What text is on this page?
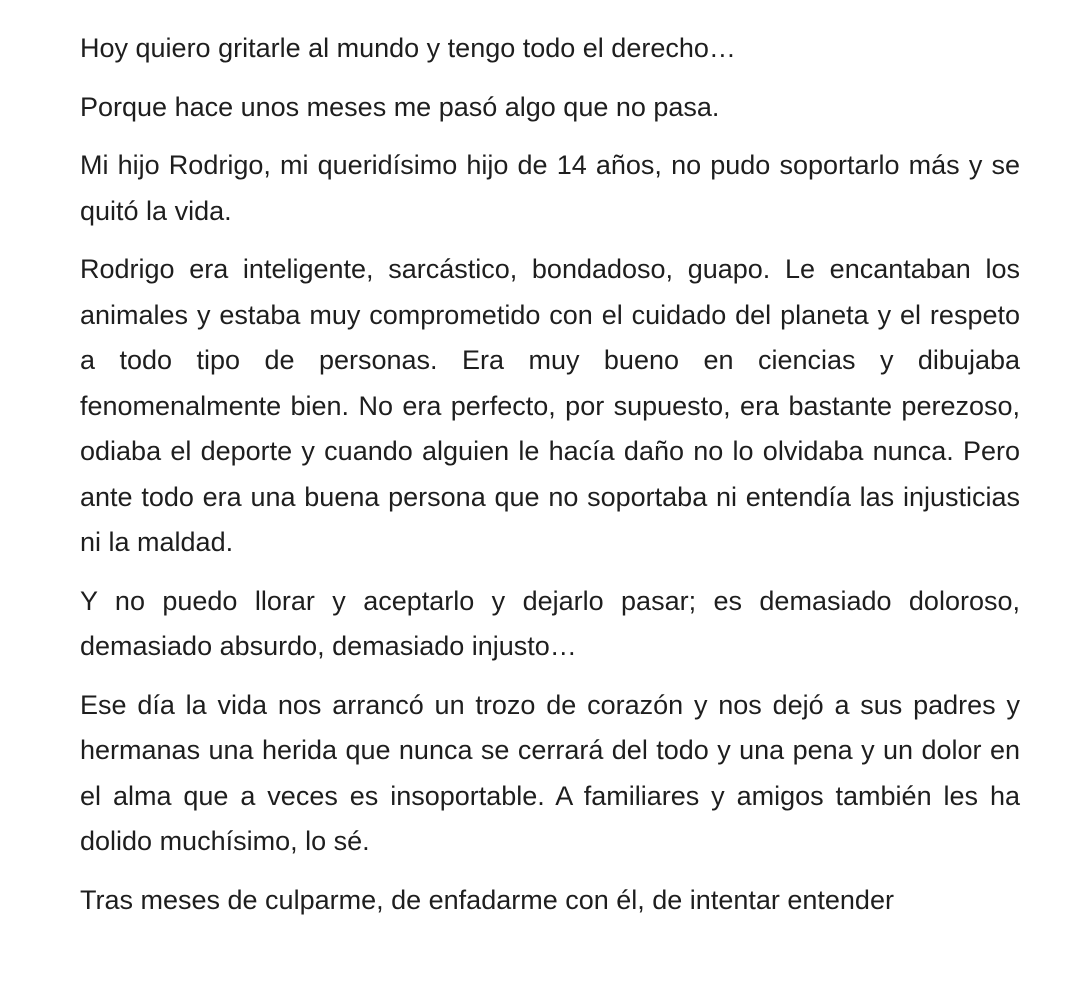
Hoy quiero gritarle al mundo y tengo todo el derecho…

Porque hace unos meses me pasó algo que no pasa.

Mi hijo Rodrigo, mi queridísimo hijo de 14 años, no pudo soportarlo más y se quitó la vida.

Rodrigo era inteligente, sarcástico, bondadoso, guapo. Le encantaban los animales y estaba muy comprometido con el cuidado del planeta y el respeto a todo tipo de personas. Era muy bueno en ciencias y dibujaba fenomenalmente bien. No era perfecto, por supuesto, era bastante perezoso, odiaba el deporte y cuando alguien le hacía daño no lo olvidaba nunca. Pero ante todo era una buena persona que no soportaba ni entendía las injusticias ni la maldad.

Y no puedo llorar y aceptarlo y dejarlo pasar; es demasiado doloroso, demasiado absurdo, demasiado injusto…

Ese día la vida nos arrancó un trozo de corazón y nos dejó a sus padres y hermanas una herida que nunca se cerrará del todo y una pena y un dolor en el alma que a veces es insoportable. A familiares y amigos también les ha dolido muchísimo, lo sé.

Tras meses de culparme, de enfadarme con él, de intentar entender
